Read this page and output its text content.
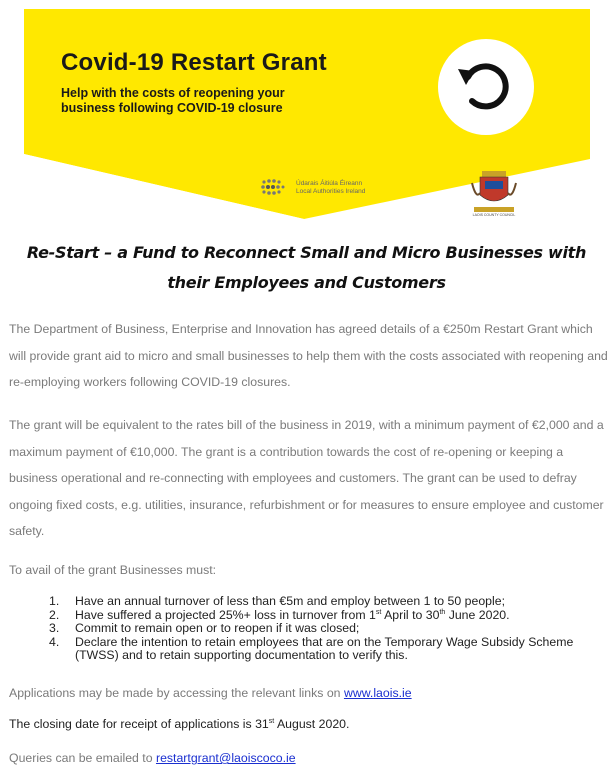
Covid-19 Restart Grant
Help with the costs of reopening your
business following COVID-19 closure
Údarais Áitiúla Éireann
Local Authorities Ireland
LAOIS COUNTY COUNCIL
Re-Start – a Fund to Reconnect Small and Micro Businesses with
their Employees and Customers
The Department of Business, Enterprise and Innovation has agreed details of a €250m Restart Grant which will provide grant aid to micro and small businesses to help them with the costs associated with reopening and re-employing workers following COVID-19 closures.
The grant will be equivalent to the rates bill of the business in 2019, with a minimum payment of €2,000 and a maximum payment of €10,000. The grant is a contribution towards the cost of re-opening or keeping a business operational and re-connecting with employees and customers. The grant can be used to defray ongoing fixed costs, e.g. utilities, insurance, refurbishment or for measures to ensure employee and customer safety.
To avail of the grant Businesses must:
1. Have an annual turnover of less than €5m and employ between 1 to 50 people;
2. Have suffered a projected 25%+ loss in turnover from 1st April to 30th June 2020.
3. Commit to remain open or to reopen if it was closed;
4. Declare the intention to retain employees that are on the Temporary Wage Subsidy Scheme (TWSS) and to retain supporting documentation to verify this.
Applications may be made by accessing the relevant links on www.laois.ie
The closing date for receipt of applications is 31st August 2020.
Queries can be emailed to restartgrant@laoiscoco.ie
